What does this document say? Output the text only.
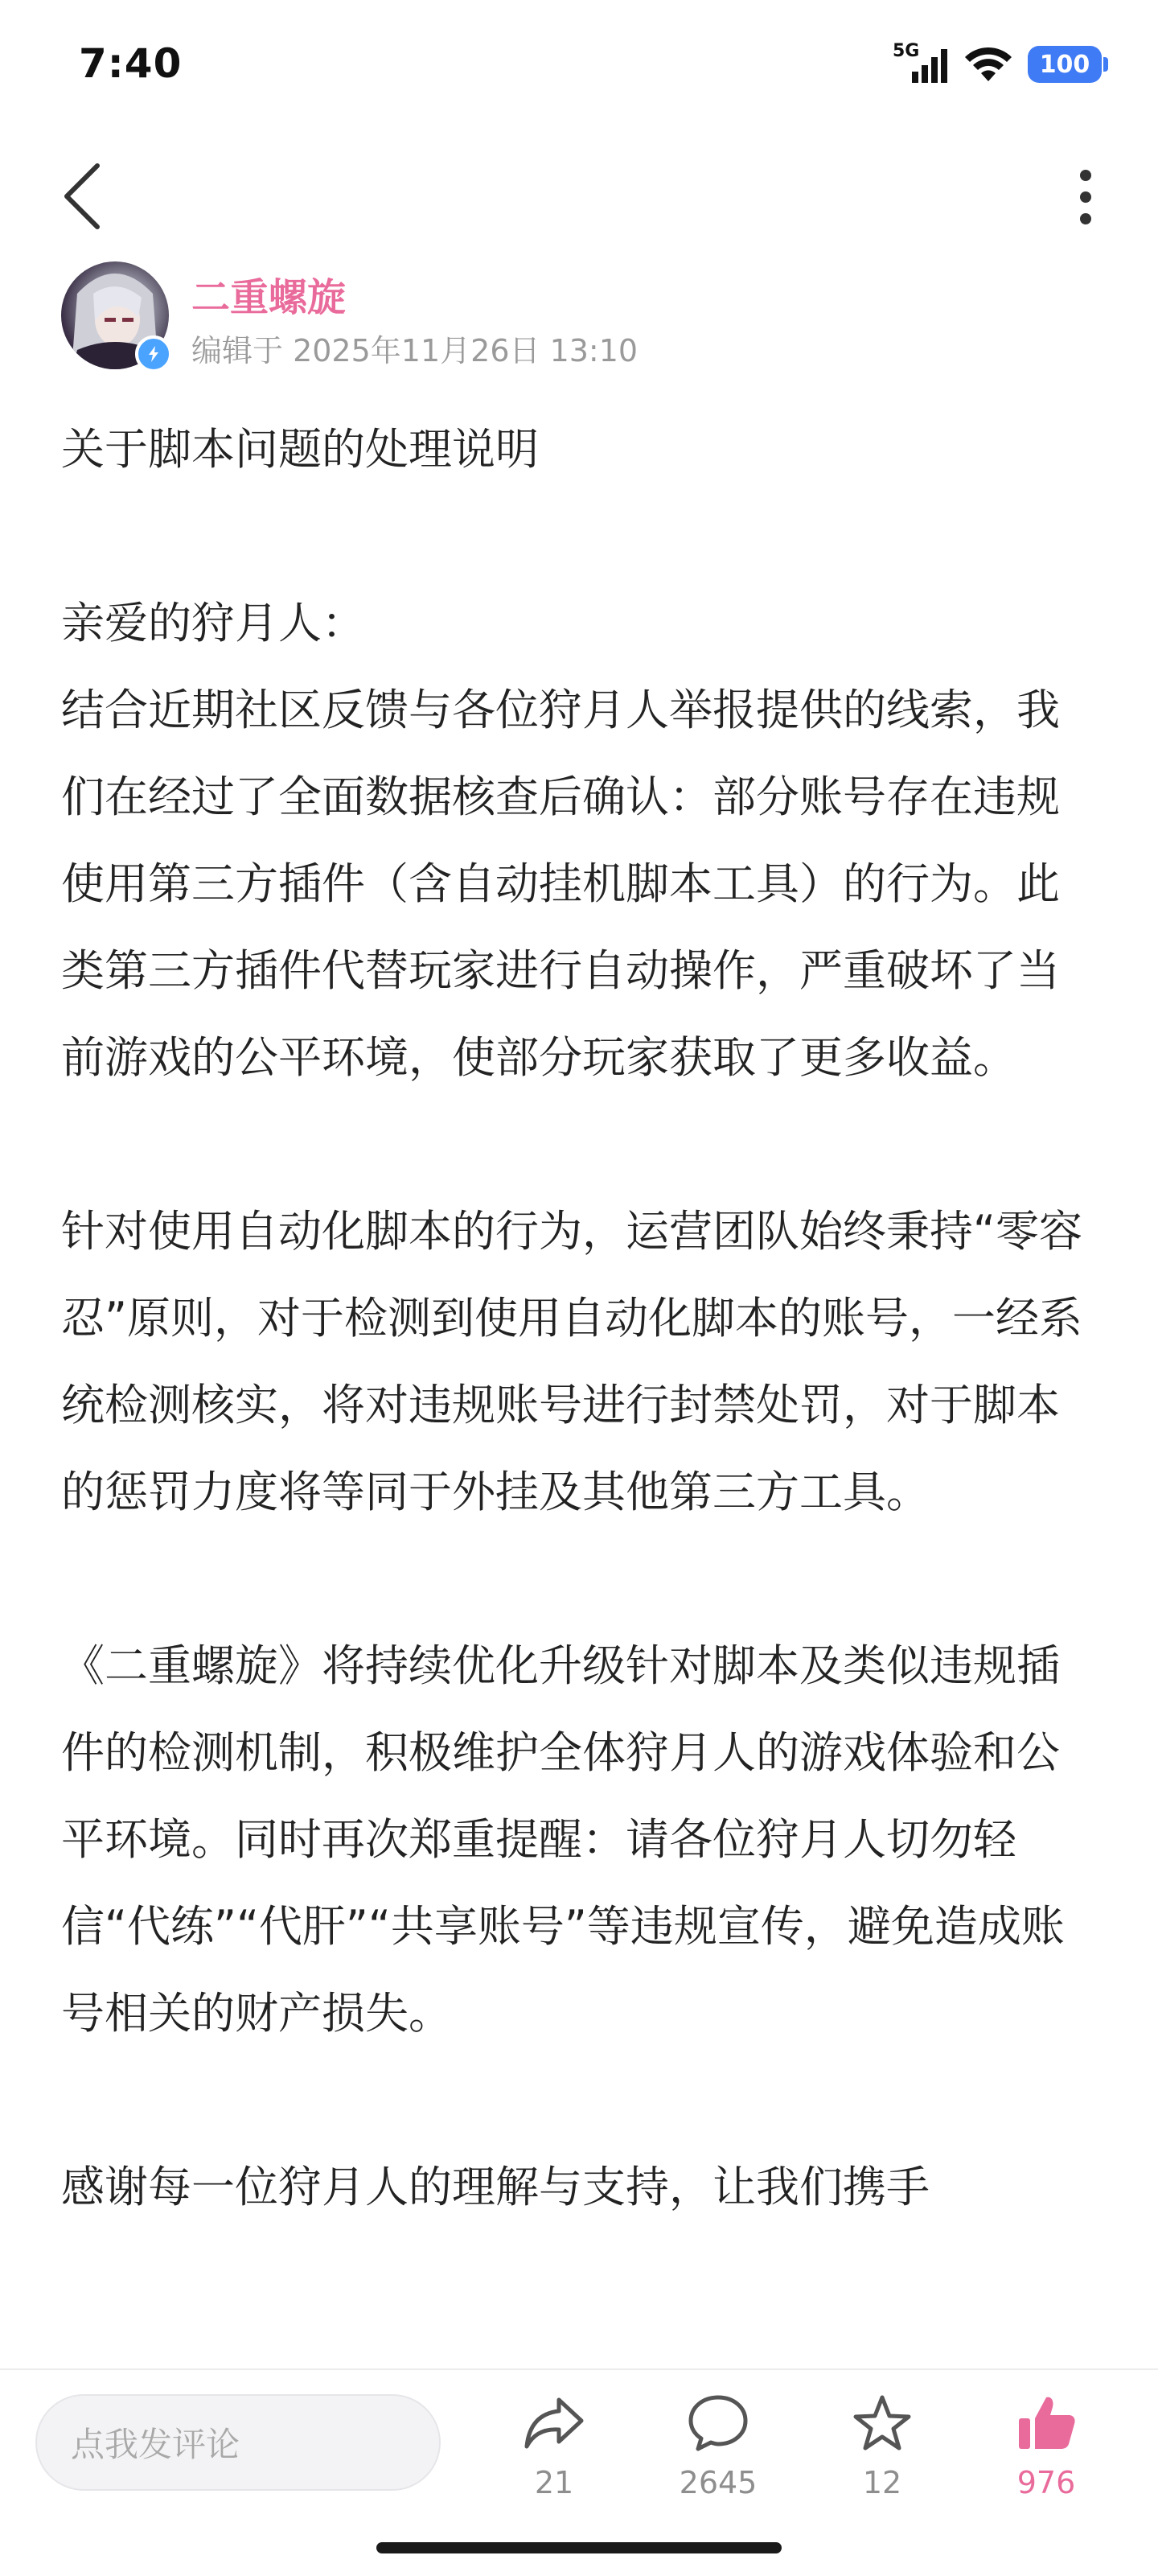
7:40	5G	100
二重螺旋
编辑于 2025年11月26日 13:10

关于脚本问题的处理说明

亲爱的狩月人：

结合近期社区反馈与各位狩月人举报提供的线索，我们在经过了全面数据核查后确认：部分账号存在违规使用第三方插件（含自动挂机脚本工具）的行为。此类第三方插件代替玩家进行自动操作，严重破坏了当前游戏的公平环境，使部分玩家获取了更多收益。

针对使用自动化脚本的行为，运营团队始终秉持“零容忍”原则，对于检测到使用自动化脚本的账号，一经系统检测核实，将对违规账号进行封禁处罚，对于脚本的惩罚力度将等同于外挂及其他第三方工具。

《二重螺旋》将持续优化升级针对脚本及类似违规插件的检测机制，积极维护全体狩月人的游戏体验和公平环境。同时再次郑重提醒：请各位狩月人切勿轻信“代练”“代肝”“共享账号”等违规宣传，避免造成账号相关的财产损失。

感谢每一位狩月人的理解与支持，让我们携手

点我发评论
21	2645	12	976
